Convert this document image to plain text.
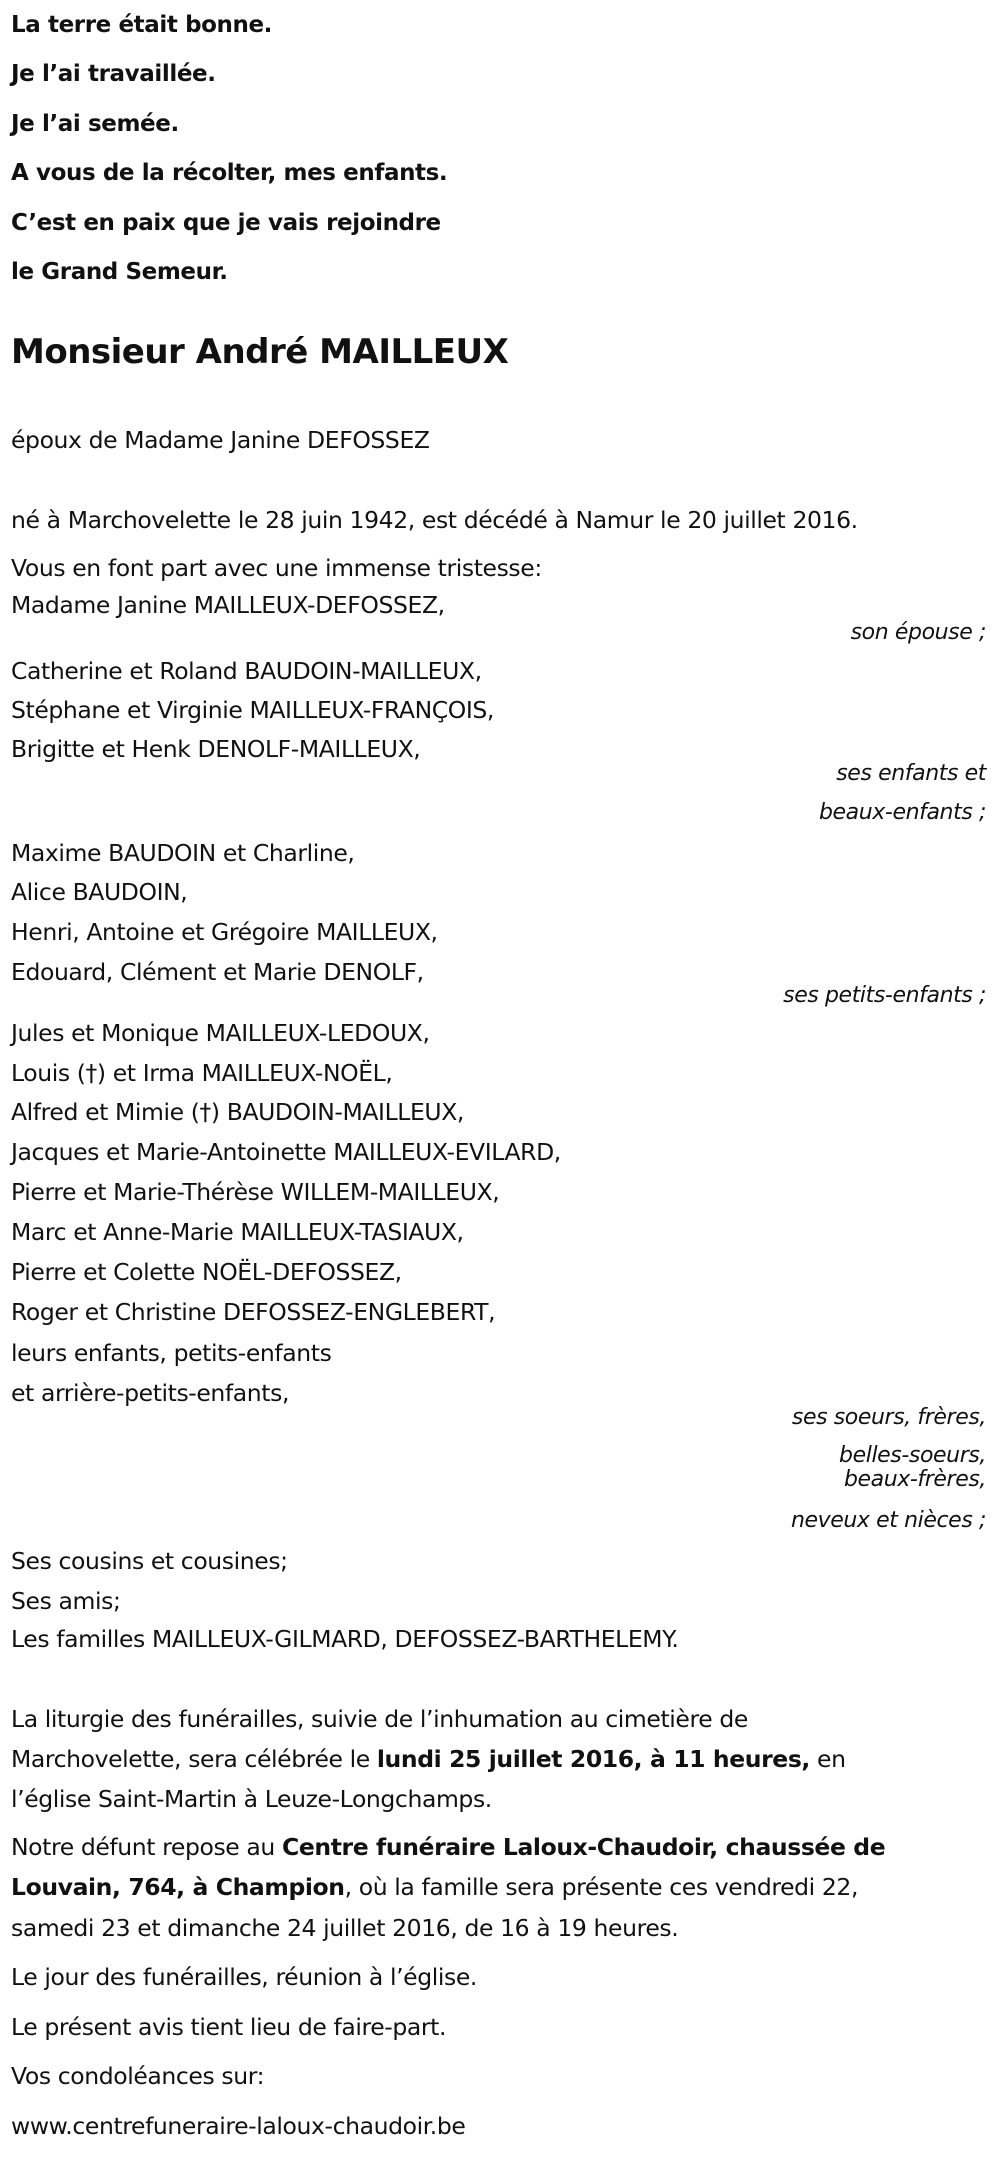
La terre était bonne.
Je l’ai travaillée.
Je l’ai semée.
A vous de la récolter, mes enfants.
C’est en paix que je vais rejoindre
le Grand Semeur.
Monsieur André MAILLEUX
époux de Madame Janine DEFOSSEZ
né à Marchovelette le 28 juin 1942, est décédé à Namur le 20 juillet 2016.
Vous en font part avec une immense tristesse:
Madame Janine MAILLEUX-DEFOSSEZ,
son épouse ;
Catherine et Roland BAUDOIN-MAILLEUX,
Stéphane et Virginie MAILLEUX-FRANÇOIS,
Brigitte et Henk DENOLF-MAILLEUX,
ses enfants et
beaux-enfants ;
Maxime BAUDOIN et Charline,
Alice BAUDOIN,
Henri, Antoine et Grégoire MAILLEUX,
Edouard, Clément et Marie DENOLF,
ses petits-enfants ;
Jules et Monique MAILLEUX-LEDOUX,
Louis (†) et Irma MAILLEUX-NOËL,
Alfred et Mimie (†) BAUDOIN-MAILLEUX,
Jacques et Marie-Antoinette MAILLEUX-EVILARD,
Pierre et Marie-Thérèse WILLEM-MAILLEUX,
Marc et Anne-Marie MAILLEUX-TASIAUX,
Pierre et Colette NOËL-DEFOSSEZ,
Roger et Christine DEFOSSEZ-ENGLEBERT,
leurs enfants, petits-enfants
et arrière-petits-enfants,
ses soeurs, frères,
belles-soeurs,
beaux-frères,
neveux et nièces ;
Ses cousins et cousines;
Ses amis;
Les familles MAILLEUX-GILMARD, DEFOSSEZ-BARTHELEMY.
La liturgie des funérailles, suivie de l’inhumation au cimetière de
Marchovelette, sera célébrée le lundi 25 juillet 2016, à 11 heures, en
l’église Saint-Martin à Leuze-Longchamps.
Notre défunt repose au Centre funéraire Laloux-Chaudoir, chaussée de
Louvain, 764, à Champion, où la famille sera présente ces vendredi 22,
samedi 23 et dimanche 24 juillet 2016, de 16 à 19 heures.
Le jour des funérailles, réunion à l’église.
Le présent avis tient lieu de faire-part.
Vos condoléances sur:
www.centrefuneraire-laloux-chaudoir.be
